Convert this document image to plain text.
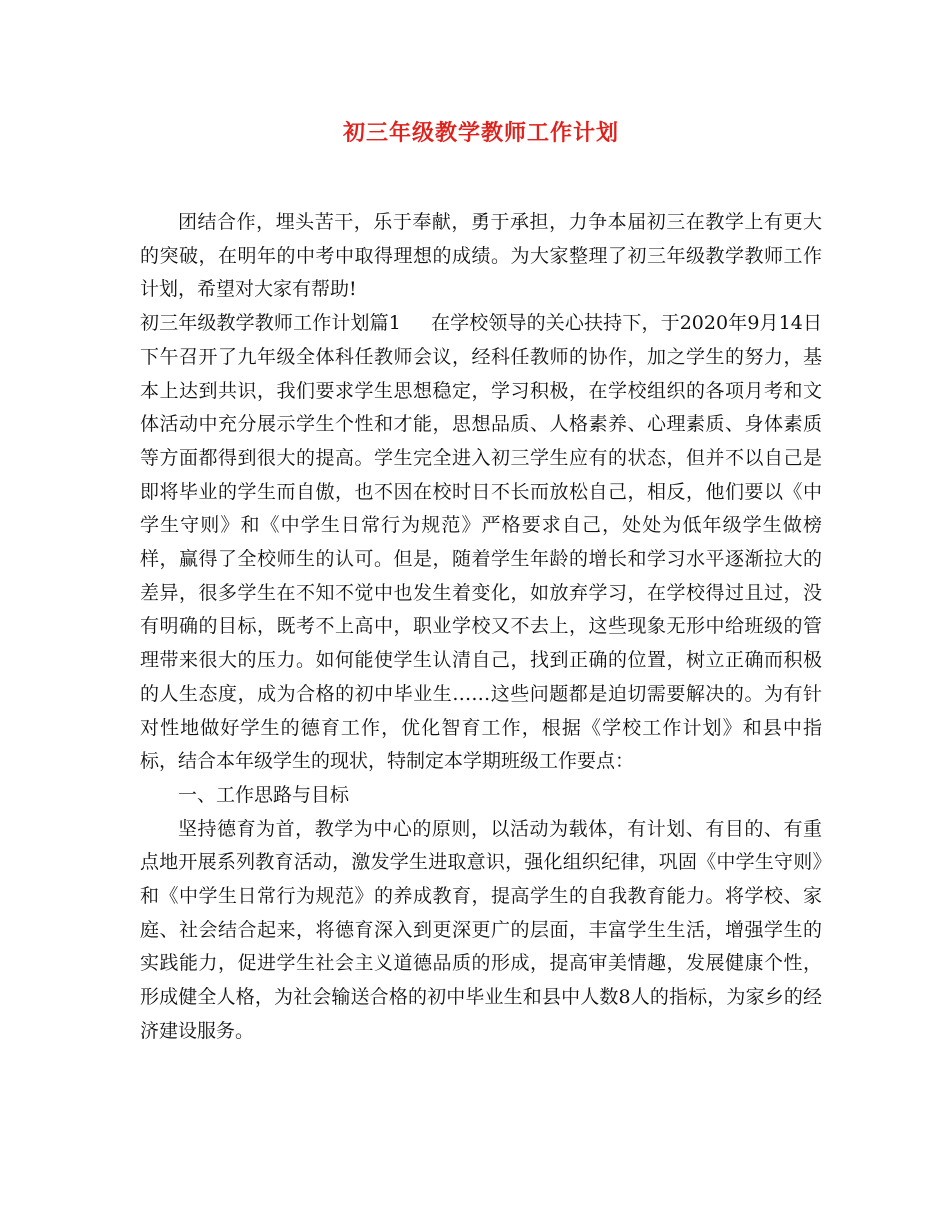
初三年级教学教师工作计划

团结合作，埋头苦干，乐于奉献，勇于承担，力争本届初三在教学上有更大的突破，在明年的中考中取得理想的成绩。为大家整理了初三年级教学教师工作计划，希望对大家有帮助!

初三年级教学教师工作计划篇1 在学校领导的关心扶持下，于2020年9月14日下午召开了九年级全体科任教师会议，经科任教师的协作，加之学生的努力，基本上达到共识，我们要求学生思想稳定，学习积极，在学校组织的各项月考和文体活动中充分展示学生个性和才能，思想品质、人格素养、心理素质、身体素质等方面都得到很大的提高。学生完全进入初三学生应有的状态，但并不以自己是即将毕业的学生而自傲，也不因在校时日不长而放松自己，相反，他们要以《中学生守则》和《中学生日常行为规范》严格要求自己，处处为低年级学生做榜样，赢得了全校师生的认可。但是，随着学生年龄的增长和学习水平逐渐拉大的差异，很多学生在不知不觉中也发生着变化，如放弃学习，在学校得过且过，没有明确的目标，既考不上高中，职业学校又不去上，这些现象无形中给班级的管理带来很大的压力。如何能使学生认清自己，找到正确的位置，树立正确而积极的人生态度，成为合格的初中毕业生……这些问题都是迫切需要解决的。为有针对性地做好学生的德育工作，优化智育工作，根据《学校工作计划》和县中指标，结合本年级学生的现状，特制定本学期班级工作要点：

一、工作思路与目标

坚持德育为首，教学为中心的原则，以活动为载体，有计划、有目的、有重点地开展系列教育活动，激发学生进取意识，强化组织纪律，巩固《中学生守则》和《中学生日常行为规范》的养成教育，提高学生的自我教育能力。将学校、家庭、社会结合起来，将德育深入到更深更广的层面，丰富学生生活，增强学生的实践能力，促进学生社会主义道德品质的形成，提高审美情趣，发展健康个性，形成健全人格，为社会输送合格的初中毕业生和县中人数8人的指标，为家乡的经济建设服务。
